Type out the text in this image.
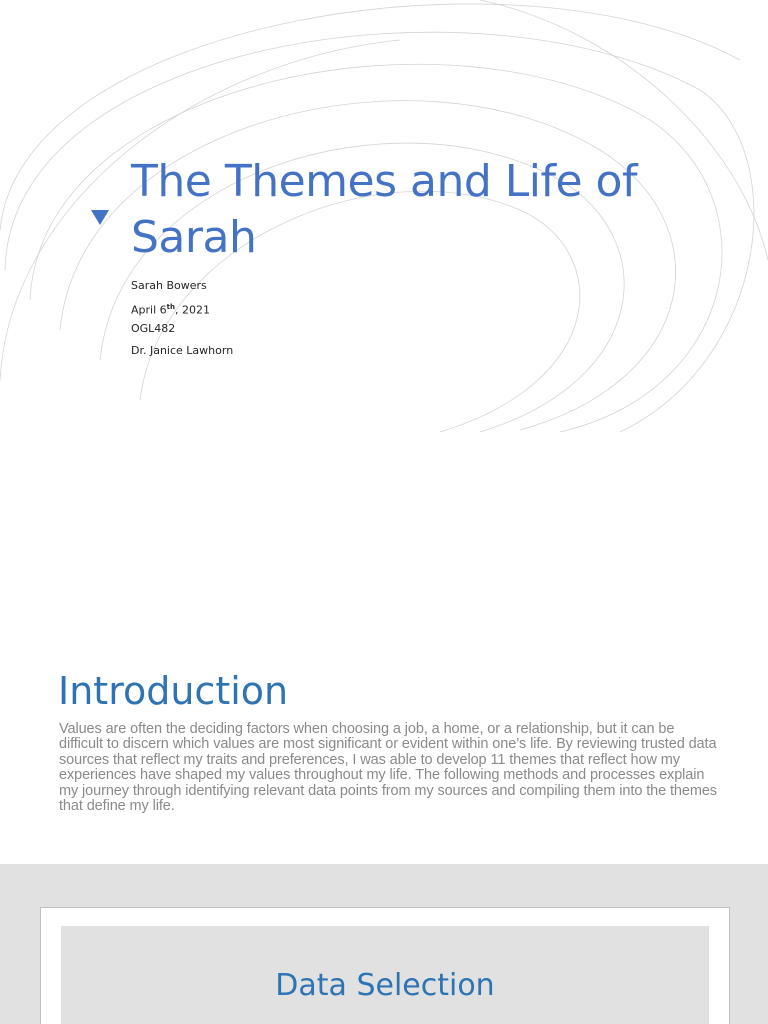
The Themes and Life of
Sarah
Sarah Bowers
April 6th, 2021
OGL482
Dr. Janice Lawhorn
Introduction
Values are often the deciding factors when choosing a job, a home, or a relationship, but it can be difficult to discern which values are most significant or evident within one’s life. By reviewing trusted data sources that reflect my traits and preferences, I was able to develop 11 themes that reflect how my experiences have shaped my values throughout my life. The following methods and processes explain my journey through identifying relevant data points from my sources and compiling them into the themes that define my life.
Data Selection
